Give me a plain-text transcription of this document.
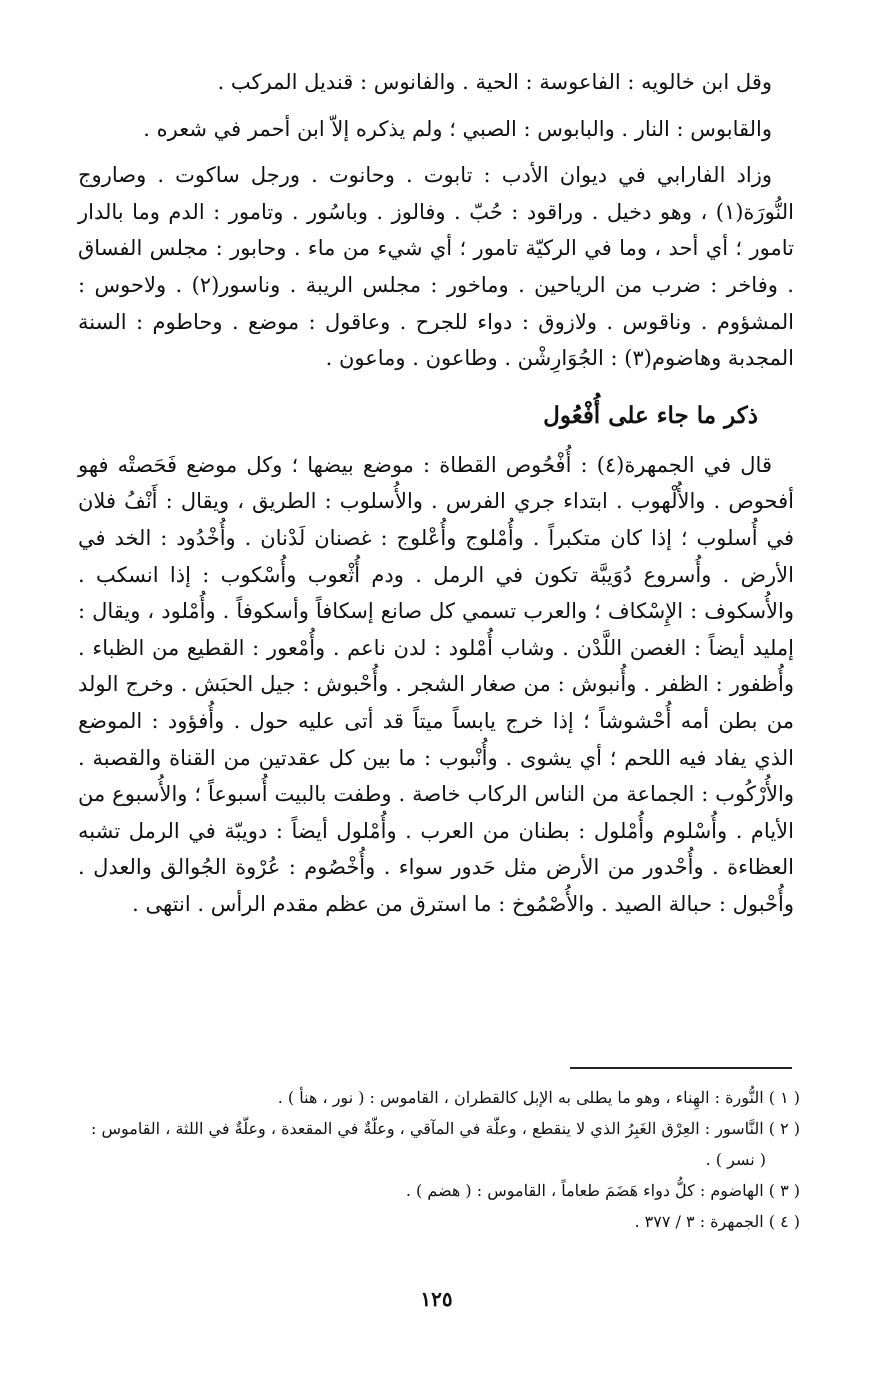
وقل ابن خالويه : الفاعوسة : الحية . والفانوس : قنديل المركب .

والقابوس : النار . والبابوس : الصبي ؛ ولم يذكره إلاّ ابن أحمر في شعره .

وزاد الفارابي في ديوان الأدب : تابوت . وحانوت . ورجل ساكوت . وصاروج النُّورَة(١) ، وهو دخيل . وراقود : حُبّ . وفالوز . وباسُور . وتامور : الدم وما بالدار تامور ؛ أي أحد ، وما في الركيّة تامور ؛ أي شيء من ماء . وحابور : مجلس الفساق . وفاخر : ضرب من الرياحين . وماخور : مجلس الريبة . وناسور(٢) . ولاحوس : المشؤوم . وناقوس . ولازوق : دواء للجرح . وعاقول : موضع . وحاطوم : السنة المجدبة وهاضوم(٣) : الجُوَارِشْن . وطاعون . وماعون .

ذكر ما جاء على أُفْعُول

قال في الجمهرة(٤) : أُفْحُوص القطاة : موضع بيضها ؛ وكل موضع فَحَصتْه فهو أفحوص . والأُلْهوب . ابتداء جري الفرس . والأُسلوب : الطريق ، ويقال : أَنْفُ فلان في أُسلوب ؛ إذا كان متكبراً . وأُمْلوج وأُعْلوج : غصنان لَدْنان . وأُخْدُود : الخد في الأرض . وأُسروع دُوَيبَّة تكون في الرمل . ودم أُثْعوب وأُسْكوب : إذا انسكب . والأُسكوف : الإِسْكاف ؛ والعرب تسمي كل صانع إسكافاً وأسكوفاً . وأُمْلود ، ويقال : إمليد أيضاً : الغصن اللَّدْن . وشاب أُمْلود : لدن ناعم . وأُمْعور : القطيع من الظباء . وأُظفور : الظفر . وأُنبوش : من صغار الشجر . وأُحْبوش : جيل الحبَش . وخرج الولد من بطن أمه أُحْشوشاً ؛ إذا خرج يابساً ميتاً قد أتى عليه حول . وأُفؤود : الموضع الذي يفاد فيه اللحم ؛ أي يشوى . وأُنْبوب : ما بين كل عقدتين من القناة والقصبة . والأُرْكُوب : الجماعة من الناس الركاب خاصة . وطفت بالبيت أُسبوعاً ؛ والأُسبوع من الأيام . وأُسْلوم وأُمْلول : بطنان من العرب . وأُمْلول أيضاً : دويبّة في الرمل تشبه العظاءة . وأُحْدور من الأرض مثل حَدور سواء . وأُخْصُوم : عُرْوة الجُوالق والعدل . وأُحْبول : حبالة الصيد . والأُصْمُوخ : ما استرق من عظم مقدم الرأس . انتهى .

( ١ ) النُّورة : الهِناء ، وهو ما يطلى به الإبل كالقطران ، القاموس : ( نور ، هنأ ) .

( ٢ ) النَّاسور : العِرْق الغَبِرُ الذي لا ينقطع ، وعلّة في المآقي ، وعلّةٌ في المقعدة ، وعلّةٌ في اللثة ، القاموس :

( نسر ) .

( ٣ ) الهاضوم : كلُّ دواء هَضَمَ طعاماً ، القاموس : ( هضم ) .

( ٤ ) الجمهرة : ٣ / ٣٧٧ .

١٢٥
